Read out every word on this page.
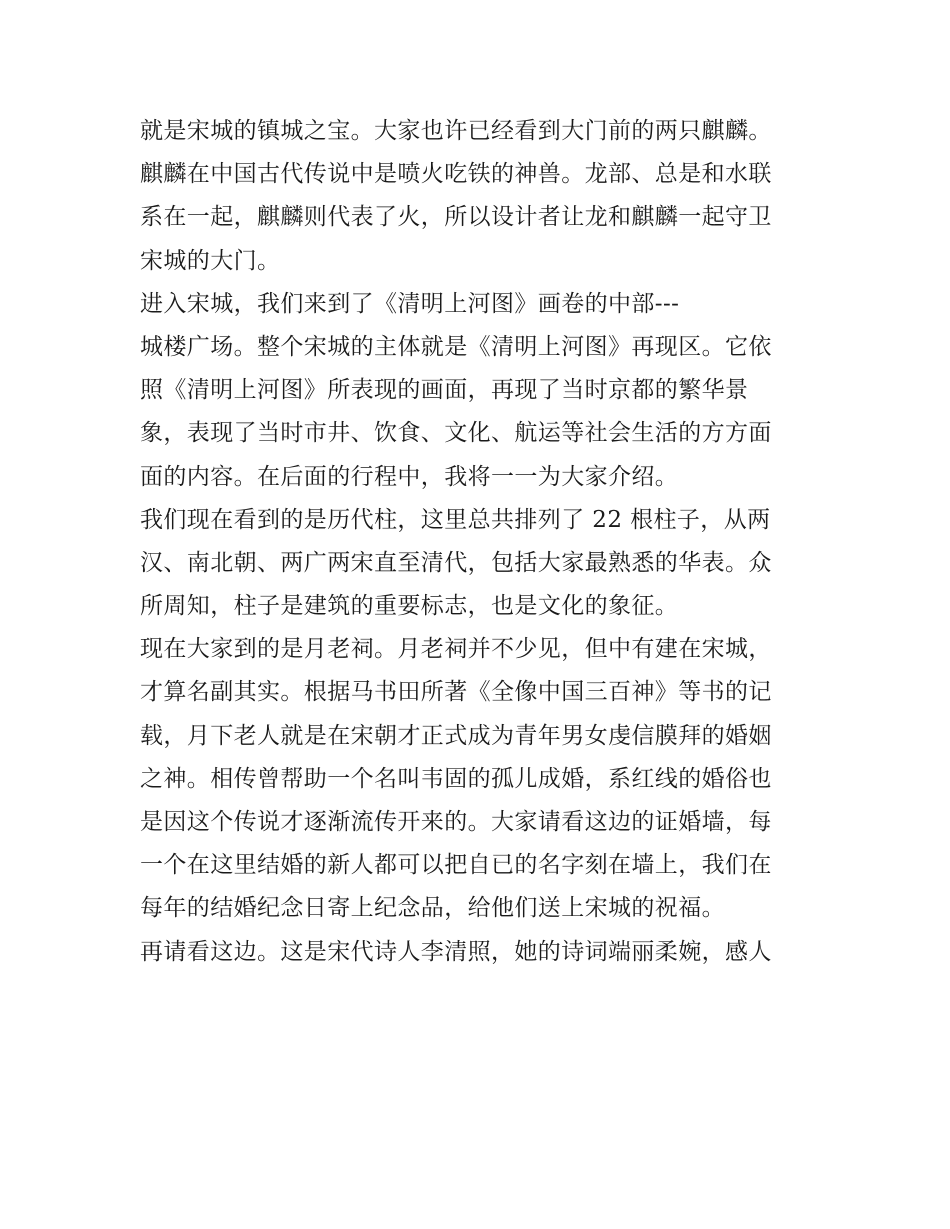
就是宋城的镇城之宝。大家也许已经看到大门前的两只麒麟。
麒麟在中国古代传说中是喷火吃铁的神兽。龙部、总是和水联
系在一起，麒麟则代表了火，所以设计者让龙和麒麟一起守卫
宋城的大门。
进入宋城，我们来到了《清明上河图》画卷的中部---
城楼广场。整个宋城的主体就是《清明上河图》再现区。它依
照《清明上河图》所表现的画面，再现了当时京都的繁华景
象，表现了当时市井、饮食、文化、航运等社会生活的方方面
面的内容。在后面的行程中，我将一一为大家介绍。
我们现在看到的是历代柱，这里总共排列了 22 根柱子，从两
汉、南北朝、两广两宋直至清代，包括大家最熟悉的华表。众
所周知，柱子是建筑的重要标志，也是文化的象征。
现在大家到的是月老祠。月老祠并不少见，但中有建在宋城，
才算名副其实。根据马书田所著《全像中国三百神》等书的记
载，月下老人就是在宋朝才正式成为青年男女虔信膜拜的婚姻
之神。相传曾帮助一个名叫韦固的孤儿成婚，系红线的婚俗也
是因这个传说才逐渐流传开来的。大家请看这边的证婚墙，每
一个在这里结婚的新人都可以把自已的名字刻在墙上，我们在
每年的结婚纪念日寄上纪念品，给他们送上宋城的祝福。
再请看这边。这是宋代诗人李清照，她的诗词端丽柔婉，感人
